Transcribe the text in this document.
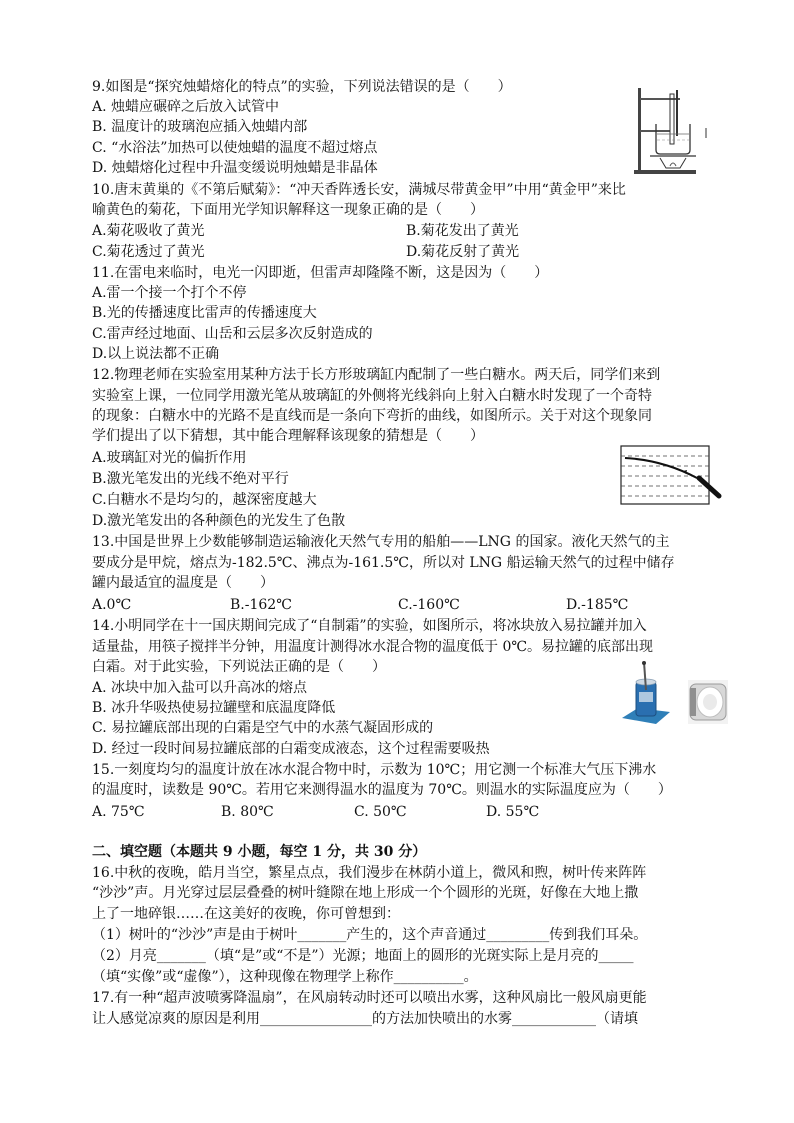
9.如图是“探究烛蜡熔化的特点”的实验，下列说法错误的是（　　）
A. 烛蜡应碾碎之后放入试管中
B. 温度计的玻璃泡应插入烛蜡内部
C. “水浴法”加热可以使烛蜡的温度不超过熔点
D. 烛蜡熔化过程中升温变缓说明烛蜡是非晶体
10.唐末黄巢的《不第后赋菊》：“冲天香阵透长安，满城尽带黄金甲”中用“黄金甲”来比
喻黄色的菊花，下面用光学知识解释这一现象正确的是（　　）
A.菊花吸收了黄光	B.菊花发出了黄光
C.菊花透过了黄光	D.菊花反射了黄光
11.在雷电来临时，电光一闪即逝，但雷声却隆隆不断，这是因为（　　）
A.雷一个接一个打个不停
B.光的传播速度比雷声的传播速度大
C.雷声经过地面、山岳和云层多次反射造成的
D.以上说法都不正确
12.物理老师在实验室用某种方法于长方形玻璃缸内配制了一些白糖水。两天后，同学们来到
实验室上课，一位同学用激光笔从玻璃缸的外侧将光线斜向上射入白糖水时发现了一个奇特
的现象：白糖水中的光路不是直线而是一条向下弯折的曲线，如图所示。关于对这个现象同
学们提出了以下猜想，其中能合理解释该现象的猜想是（　　）
A.玻璃缸对光的偏折作用
B.激光笔发出的光线不绝对平行
C.白糖水不是均匀的，越深密度越大
D.激光笔发出的各种颜色的光发生了色散
13.中国是世界上少数能够制造运输液化天然气专用的船舶——LNG 的国家。液化天然气的主
要成分是甲烷，熔点为-182.5℃、沸点为-161.5℃，所以对 LNG 船运输天然气的过程中储存
罐内最适宜的温度是（　　）
A.0℃	B.-162℃	C.-160℃	D.-185℃
14.小明同学在十一国庆期间完成了“自制霜”的实验，如图所示，将冰块放入易拉罐并加入
适量盐，用筷子搅拌半分钟，用温度计测得冰水混合物的温度低于 0℃。易拉罐的底部出现
白霜。对于此实验，下列说法正确的是（　　）
A. 冰块中加入盐可以升高冰的熔点
B. 冰升华吸热使易拉罐壁和底温度降低
C. 易拉罐底部出现的白霜是空气中的水蒸气凝固形成的
D. 经过一段时间易拉罐底部的白霜变成液态，这个过程需要吸热
15.一刻度均匀的温度计放在冰水混合物中时，示数为 10℃；用它测一个标准大气压下沸水
的温度时，读数是 90℃。若用它来测得温水的温度为 70℃。则温水的实际温度应为（　　）
A. 75℃	B. 80℃	C. 50℃	D. 55℃
二、填空题（本题共 9 小题，每空 1 分，共 30 分）
16.中秋的夜晚，皓月当空，繁星点点，我们漫步在林荫小道上，微风和煦，树叶传来阵阵
“沙沙”声。月光穿过层层叠叠的树叶缝隙在地上形成一个个圆形的光斑，好像在大地上撒
上了一地碎银……在这美好的夜晚，你可曾想到：
（1）树叶的“沙沙”声是由于树叶_______产生的，这个声音通过_________传到我们耳朵。
（2）月亮_______（填“是”或“不是”）光源；地面上的圆形的光斑实际上是月亮的_____
（填“实像”或“虚像”），这种现像在物理学上称作__________。
17.有一种“超声波喷雾降温扇”，在风扇转动时还可以喷出水雾，这种风扇比一般风扇更能
让人感觉凉爽的原因是利用________________的方法加快喷出的水雾____________（请填
